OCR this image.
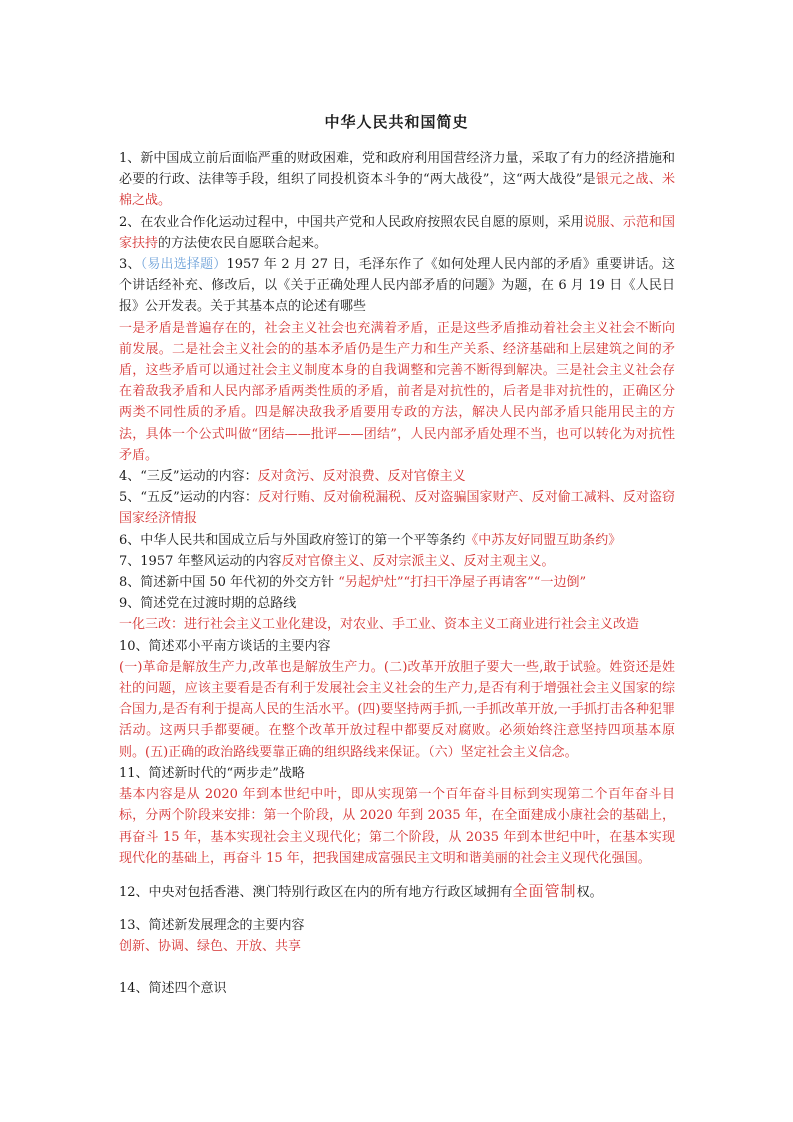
中华人民共和国简史

1、新中国成立前后面临严重的财政困难，党和政府利用国营经济力量，采取了有力的经济措施和必要的行政、法律等手段，组织了同投机资本斗争的“两大战役”，这“两大战役”是银元之战、米棉之战。

2、在农业合作化运动过程中，中国共产党和人民政府按照农民自愿的原则，采用说服、示范和国家扶持的方法使农民自愿联合起来。

3、（易出选择题）1957 年 2 月 27 日，毛泽东作了《如何处理人民内部的矛盾》重要讲话。这个讲话经补充、修改后，以《关于正确处理人民内部矛盾的问题》为题，在 6 月 19 日《人民日报》公开发表。关于其基本点的论述有哪些

一是矛盾是普遍存在的，社会主义社会也充满着矛盾，正是这些矛盾推动着社会主义社会不断向前发展。二是社会主义社会的的基本矛盾仍是生产力和生产关系、经济基础和上层建筑之间的矛盾，这些矛盾可以通过社会主义制度本身的自我调整和完善不断得到解决。三是社会主义社会存在着敌我矛盾和人民内部矛盾两类性质的矛盾，前者是对抗性的，后者是非对抗性的，正确区分两类不同性质的矛盾。四是解决敌我矛盾要用专政的方法，解决人民内部矛盾只能用民主的方法，具体一个公式叫做“团结——批评——团结”，人民内部矛盾处理不当，也可以转化为对抗性矛盾。

4、“三反”运动的内容：反对贪污、反对浪费、反对官僚主义

5、“五反”运动的内容：反对行贿、反对偷税漏税、反对盗骗国家财产、反对偷工减料、反对盗窃国家经济情报

6、中华人民共和国成立后与外国政府签订的第一个平等条约《中苏友好同盟互助条约》

7、1957 年整风运动的内容反对官僚主义、反对宗派主义、反对主观主义。

8、简述新中国 50 年代初的外交方针 “另起炉灶”“打扫干净屋子再请客”“一边倒”

9、简述党在过渡时期的总路线

一化三改：进行社会主义工业化建设，对农业、手工业、资本主义工商业进行社会主义改造

10、简述邓小平南方谈话的主要内容

(一)革命是解放生产力,改革也是解放生产力。(二)改革开放胆子要大一些,敢于试验。姓资还是姓社的问题，应该主要看是否有利于发展社会主义社会的生产力,是否有利于增强社会主义国家的综合国力,是否有利于提高人民的生活水平。(四)要坚持两手抓,一手抓改革开放,一手抓打击各种犯罪活动。这两只手都要硬。在整个改革开放过程中都要反对腐败。必须始终注意坚持四项基本原则。(五)正确的政治路线要靠正确的组织路线来保证。（六）坚定社会主义信念。

11、简述新时代的“两步走”战略

基本内容是从 2020 年到本世纪中叶，即从实现第一个百年奋斗目标到实现第二个百年奋斗目标，分两个阶段来安排：第一个阶段，从 2020 年到 2035 年，在全面建成小康社会的基础上，再奋斗 15 年，基本实现社会主义现代化；第二个阶段，从 2035 年到本世纪中叶，在基本实现现代化的基础上，再奋斗 15 年，把我国建成富强民主文明和谐美丽的社会主义现代化强国。

12、中央对包括香港、澳门特别行政区在内的所有地方行政区域拥有全面管制权。

13、简述新发展理念的主要内容

创新、协调、绿色、开放、共享

14、简述四个意识
